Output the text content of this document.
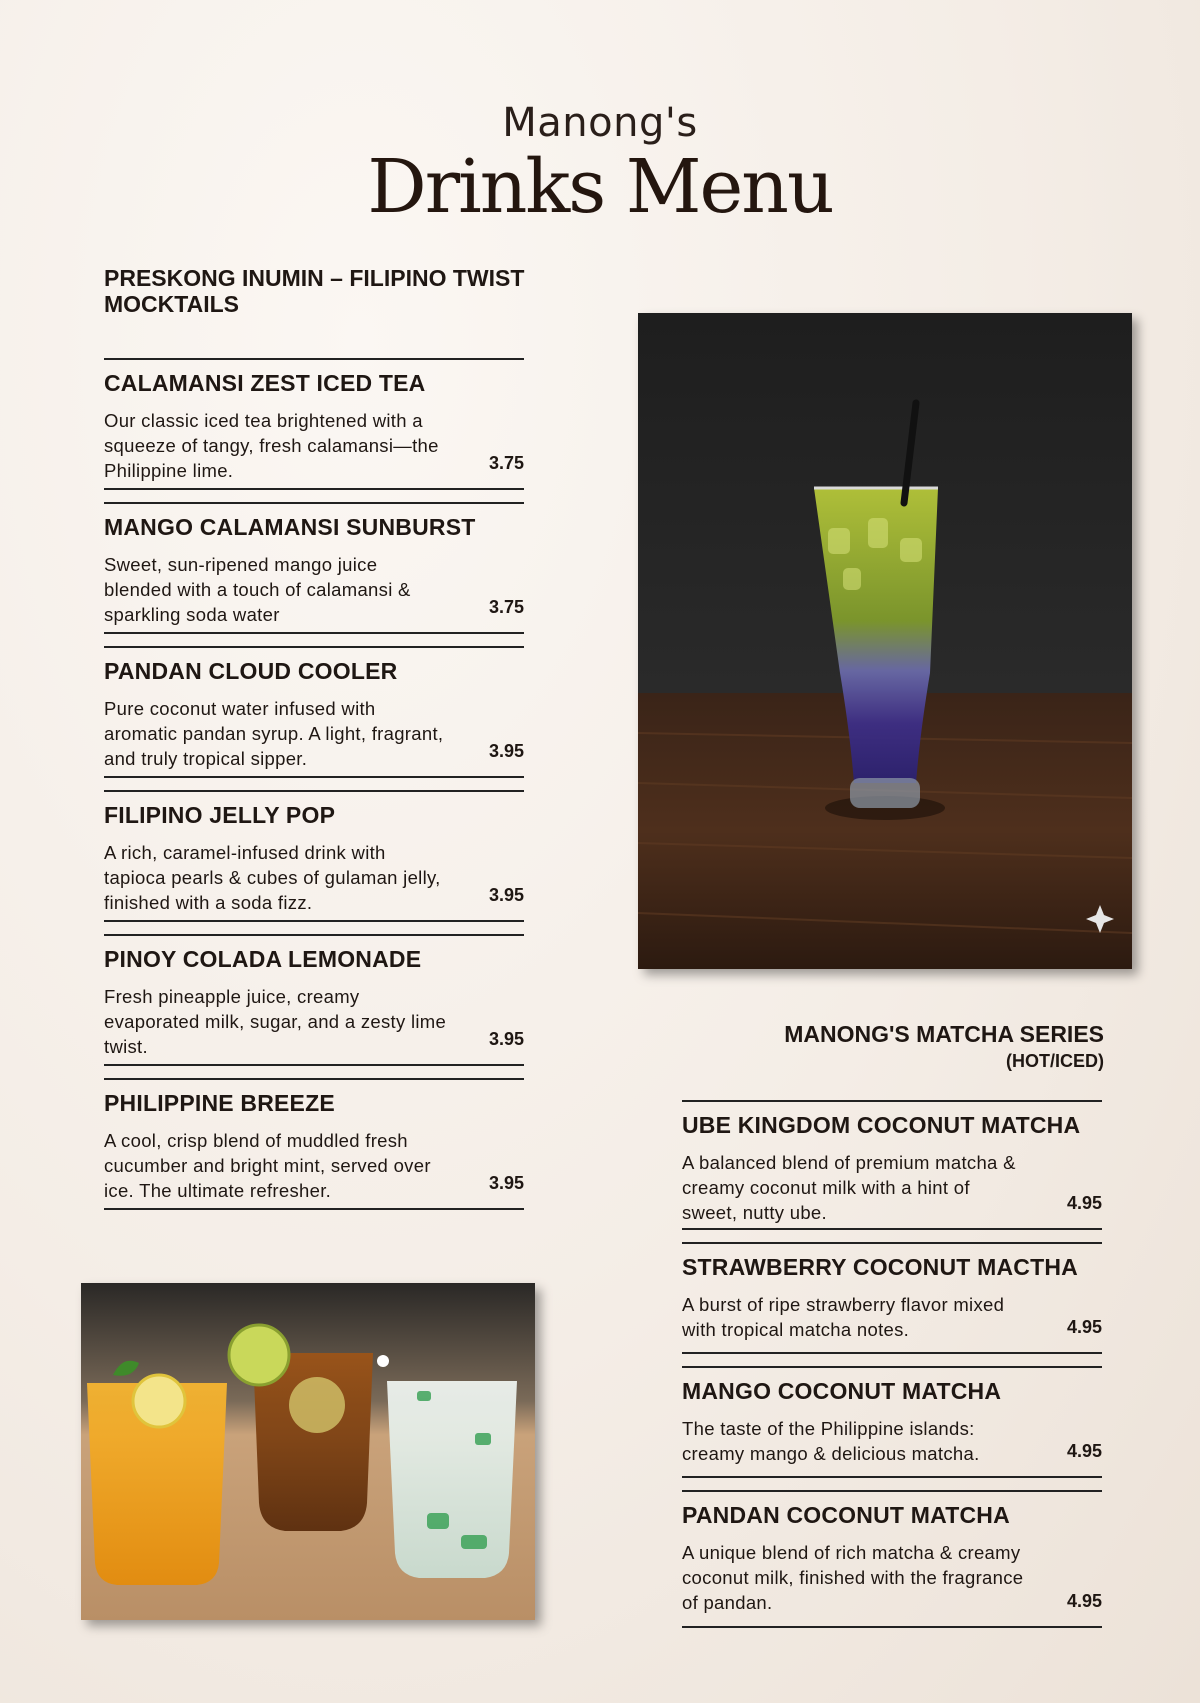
Manong's
Drinks Menu
PRESKONG INUMIN – FILIPINO TWIST MOCKTAILS
CALAMANSI ZEST ICED TEA
Our classic iced tea brightened with a squeeze of tangy, fresh calamansi—the Philippine lime.	3.75
MANGO CALAMANSI SUNBURST
Sweet, sun-ripened mango juice blended with a touch of calamansi & sparkling soda water	3.75
PANDAN CLOUD COOLER
Pure coconut water infused with aromatic pandan syrup. A light, fragrant, and truly tropical sipper.	3.95
FILIPINO JELLY POP
A rich, caramel-infused drink with tapioca pearls & cubes of gulaman jelly, finished with a soda fizz.	3.95
PINOY COLADA LEMONADE
Fresh pineapple juice, creamy evaporated milk, sugar, and a zesty lime twist.	3.95
PHILIPPINE BREEZE
A cool, crisp blend of muddled fresh cucumber and bright mint, served over ice. The ultimate refresher.	3.95
MANONG'S MATCHA SERIES
(HOT/ICED)
UBE KINGDOM COCONUT MATCHA
A balanced blend of premium matcha & creamy coconut milk with a hint of sweet, nutty ube.	4.95
STRAWBERRY COCONUT MACTHA
A burst of ripe strawberry flavor mixed with tropical matcha notes.	4.95
MANGO COCONUT MATCHA
The taste of the Philippine islands: creamy mango & delicious matcha.	4.95
PANDAN COCONUT MATCHA
A unique blend of rich matcha & creamy coconut milk, finished with the fragrance of pandan.	4.95
